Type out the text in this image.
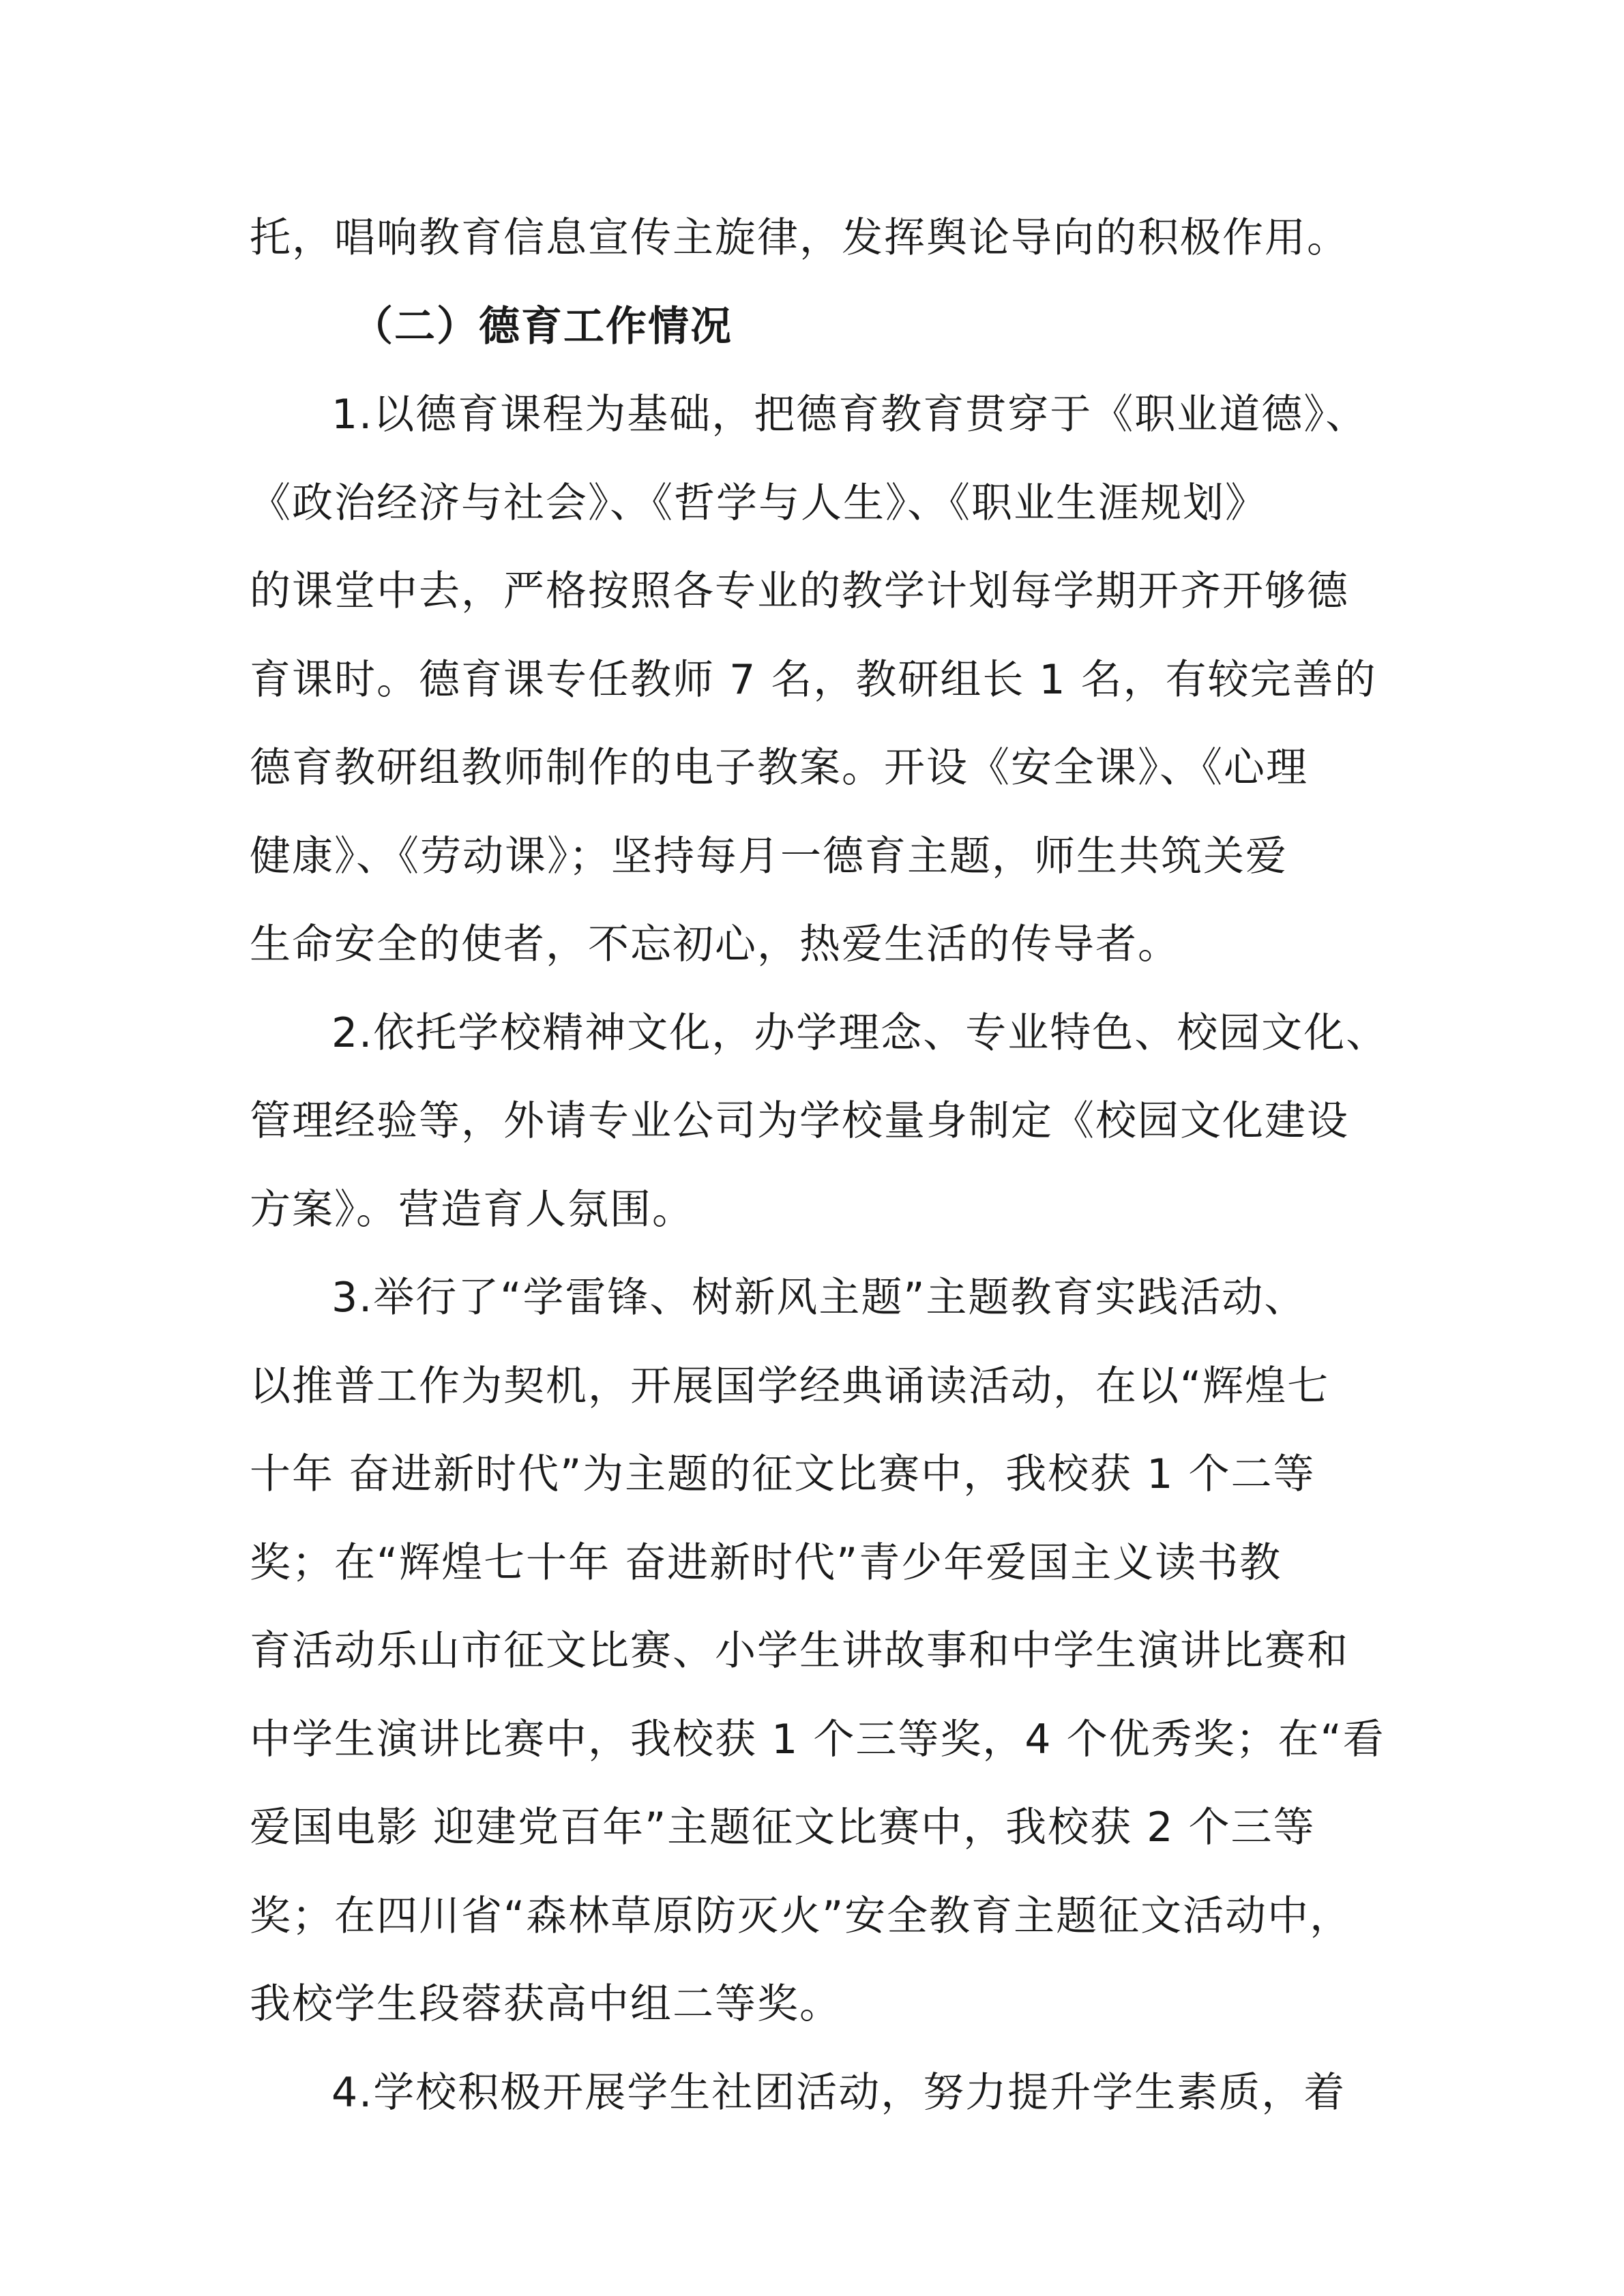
托，唱响教育信息宣传主旋律，发挥舆论导向的积极作用。
（二）德育工作情况
1.以德育课程为基础，把德育教育贯穿于《职业道德》、
《政治经济与社会》、《哲学与人生》、《职业生涯规划》
的课堂中去，严格按照各专业的教学计划每学期开齐开够德
育课时。德育课专任教师 7 名，教研组长 1 名，有较完善的
德育教研组教师制作的电子教案。开设《安全课》、《心理
健康》、《劳动课》；坚持每月一德育主题，师生共筑关爱
生命安全的使者，不忘初心，热爱生活的传导者。
2.依托学校精神文化，办学理念、专业特色、校园文化、
管理经验等，外请专业公司为学校量身制定《校园文化建设
方案》。营造育人氛围。
3.举行了“学雷锋、树新风主题”主题教育实践活动、
以推普工作为契机，开展国学经典诵读活动，在以“辉煌七
十年 奋进新时代”为主题的征文比赛中，我校获 1 个二等
奖；在“辉煌七十年 奋进新时代”青少年爱国主义读书教
育活动乐山市征文比赛、小学生讲故事和中学生演讲比赛和
中学生演讲比赛中，我校获 1 个三等奖，4 个优秀奖；在“看
爱国电影 迎建党百年”主题征文比赛中，我校获 2 个三等
奖；在四川省“森林草原防灭火”安全教育主题征文活动中，
我校学生段蓉获高中组二等奖。
4.学校积极开展学生社团活动，努力提升学生素质，着
